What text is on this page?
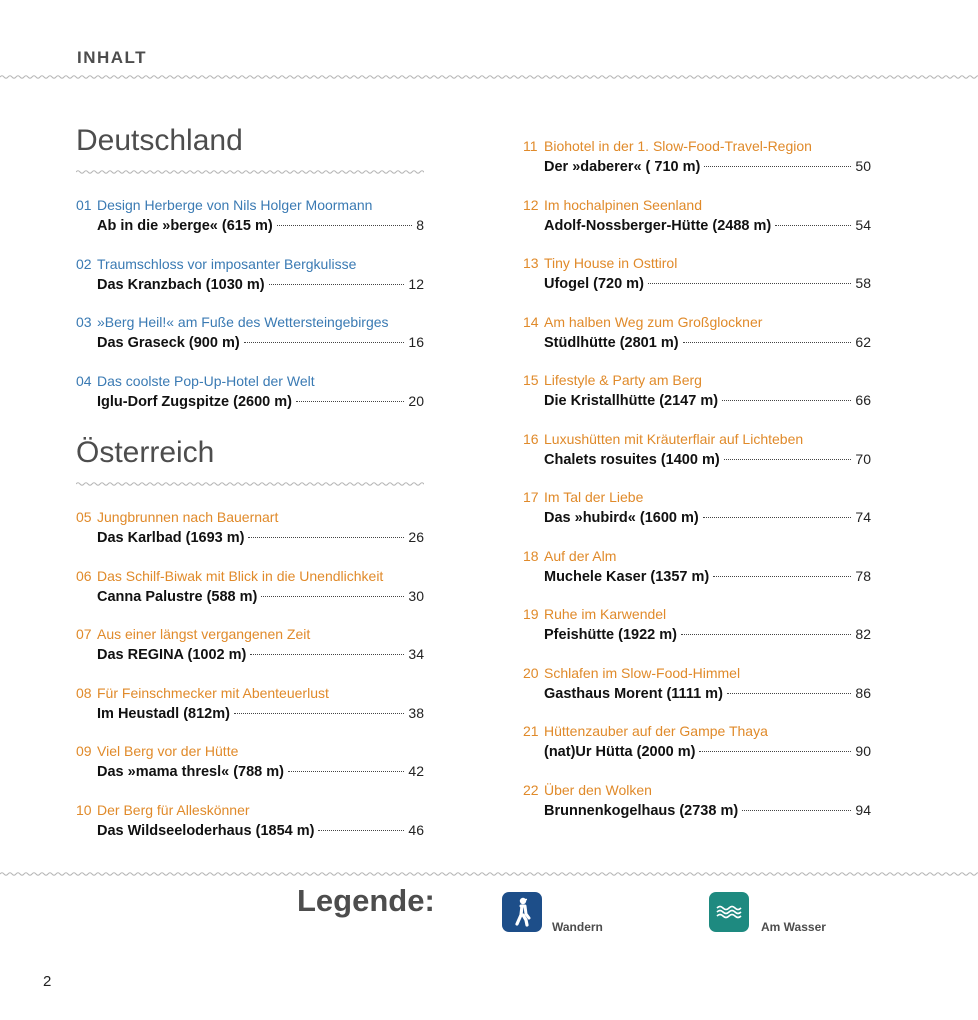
INHALT
Deutschland
Österreich
01 Design Herberge von Nils Holger Moormann
Ab in die »berge« (615 m)	8
02 Traumschloss vor imposanter Bergkulisse
Das Kranzbach (1030 m)	12
03 »Berg Heil!« am Fuße des Wettersteingebirges
Das Graseck (900 m)	16
04 Das coolste Pop-Up-Hotel der Welt
Iglu-Dorf Zugspitze (2600 m)	20
05 Jungbrunnen nach Bauernart
Das Karlbad (1693 m)	26
06 Das Schilf-Biwak mit Blick in die Unendlichkeit
Canna Palustre (588 m)	30
07 Aus einer längst vergangenen Zeit
Das REGINA (1002 m)	34
08 Für Feinschmecker mit Abenteuerlust
Im Heustadl (812m)	38
09 Viel Berg vor der Hütte
Das »mama thresl« (788 m)	42
10 Der Berg für Alleskönner
Das Wildseeloderhaus (1854 m)	46
11 Biohotel in der 1. Slow-Food-Travel-Region
Der »daberer« ( 710 m)	50
12 Im hochalpinen Seenland
Adolf-Nossberger-Hütte (2488 m)	54
13 Tiny House in Osttirol
Ufogel (720 m)	58
14 Am halben Weg zum Großglockner
Stüdlhütte (2801 m)	62
15 Lifestyle & Party am Berg
Die Kristallhütte (2147 m)	66
16 Luxushütten mit Kräuterflair auf Lichteben
Chalets rosuites (1400 m)	70
17 Im Tal der Liebe
Das »hubird« (1600 m)	74
18 Auf der Alm
Muchele Kaser (1357 m)	78
19 Ruhe im Karwendel
Pfeishütte (1922 m)	82
20 Schlafen im Slow-Food-Himmel
Gasthaus Morent (1111 m)	86
21 Hüttenzauber auf der Gampe Thaya
(nat)Ur Hütta (2000 m)	90
22 Über den Wolken
Brunnenkogelhaus (2738 m)	94
Legende:
Wandern	Am Wasser
2
